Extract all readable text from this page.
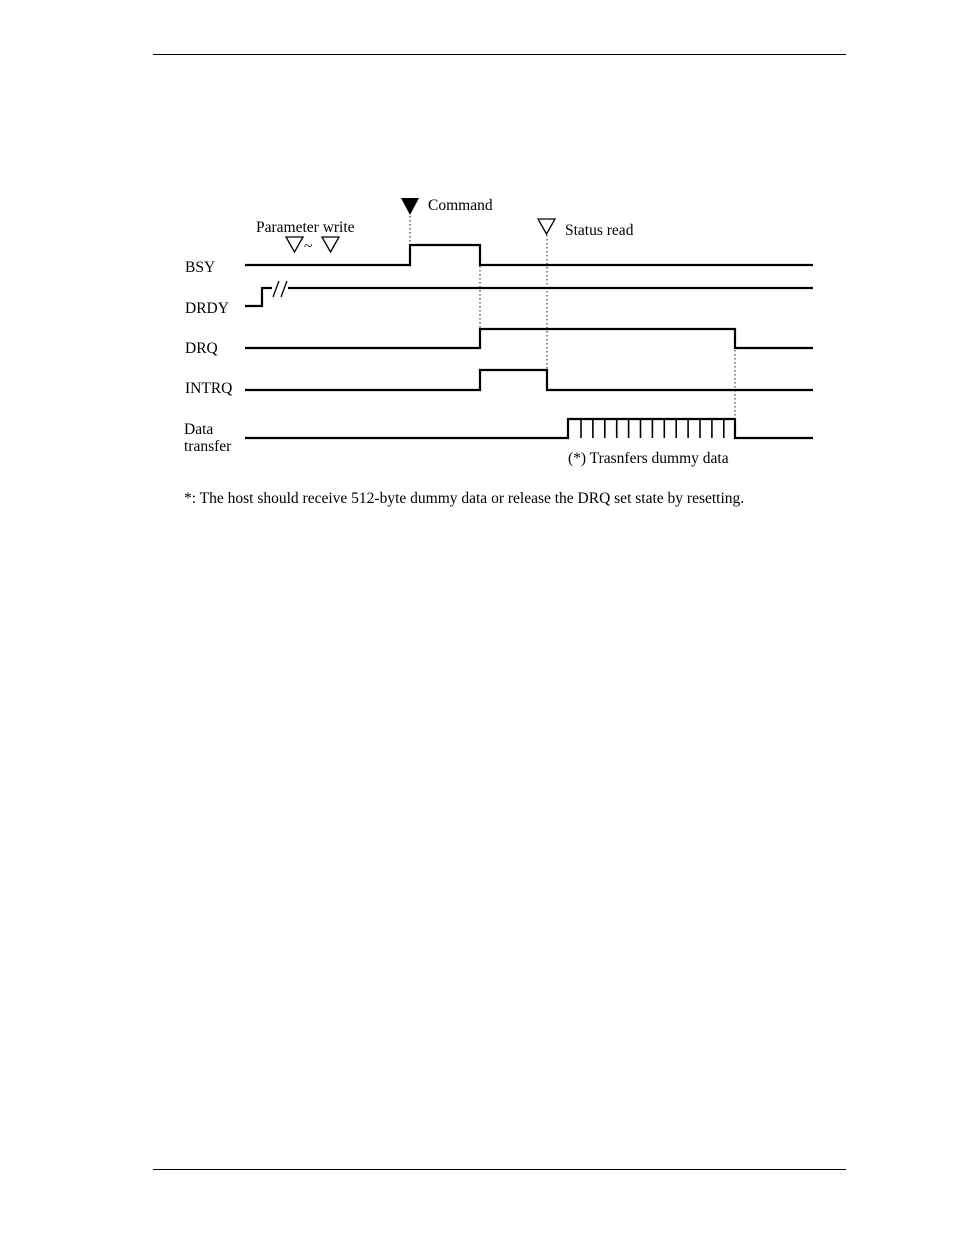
Parameter write
~
Command
Status read
BSY
DRDY
DRQ
INTRQ
Data
transfer
(*) Trasnfers dummy data
*: The host should receive 512-byte dummy data or release the DRQ set state by resetting.
